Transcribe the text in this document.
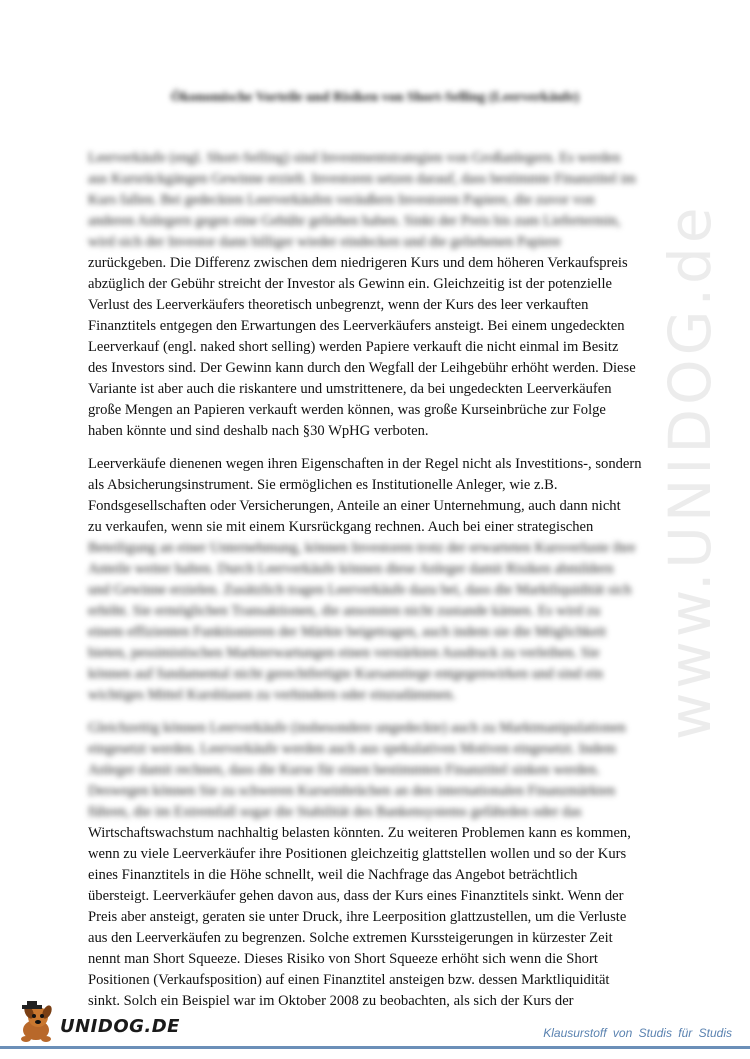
www.UNIDOG.de
Ökonomische Vorteile und Risiken von Short-Selling (Leerverkäufe)
Leerverkäufe (engl. Short-Selling) sind Investmentstrategien von Großanlegern. Es werden
aus Kursrückgängen Gewinne erzielt. Investoren setzen darauf, dass bestimmte Finanztitel im
Kurs fallen. Bei gedeckten Leerverkäufen veräußern Investoren Papiere, die zuvor von
anderen Anlegern gegen eine Gebühr geliehen haben. Sinkt der Preis bis zum Liefertermin,
wird sich der Investor dann billiger wieder eindecken und die geliehenen Papiere
zurückgeben. Die Differenz zwischen dem niedrigeren Kurs und dem höheren Verkaufspreis
abzüglich der Gebühr streicht der Investor als Gewinn ein. Gleichzeitig ist der potenzielle
Verlust des Leerverkäufers theoretisch unbegrenzt, wenn der Kurs des leer verkauften
Finanztitels entgegen den Erwartungen des Leerverkäufers ansteigt. Bei einem ungedeckten
Leerverkauf (engl. naked short selling) werden Papiere verkauft die nicht einmal im Besitz
des Investors sind. Der Gewinn kann durch den Wegfall der Leihgebühr erhöht werden. Diese
Variante ist aber auch die riskantere und umstrittenere, da bei ungedeckten Leerverkäufen
große Mengen an Papieren verkauft werden können, was große Kurseinbrüche zur Folge
haben könnte und sind deshalb nach §30 WpHG verboten.
Leerverkäufe dienenen wegen ihren Eigenschaften in der Regel nicht als Investitions-, sondern
als Absicherungsinstrument. Sie ermöglichen es Institutionelle Anleger, wie z.B.
Fondsgesellschaften oder Versicherungen, Anteile an einer Unternehmung, auch dann nicht
zu verkaufen, wenn sie mit einem Kursrückgang rechnen. Auch bei einer strategischen
Beteiligung an einer Unternehmung, können Investoren trotz der erwarteten Kursverluste ihre
Anteile weiter halten. Durch Leerverkäufe können diese Anleger damit Risiken abmildern
und Gewinne erzielen. Zusätzlich tragen Leerverkäufe dazu bei, dass die Marktliquidität sich
erhöht. Sie ermöglichen Transaktionen, die ansonsten nicht zustande kämen. Es wird zu
einem effizienten Funktionieren der Märkte beigetragen, auch indem sie die Möglichkeit
bieten, pessimistischen Markterwartungen einen verstärkten Ausdruck zu verleihen. Sie
können auf fundamental nicht gerechtfertigte Kursanstiege entgegenwirken und sind ein
wichtiges Mittel Kursblasen zu verhindern oder einzudämmen.
Gleichzeitig können Leerverkäufe (insbesondere ungedeckte) auch zu Marktmanipulationen
eingesetzt werden. Leerverkäufe werden auch aus spekulativen Motiven eingesetzt. Indem
Anleger damit rechnen, dass die Kurse für einen bestimmten Finanztitel sinken werden.
Deswegen können Sie zu schweren Kurseinbrüchen an den internationalen Finanzmärkten
führen, die im Extremfall sogar die Stabilität des Bankensystems gefährden oder das
Wirtschaftswachstum nachhaltig belasten könnten. Zu weiteren Problemen kann es kommen,
wenn zu viele Leerverkäufer ihre Positionen gleichzeitig glattstellen wollen und so der Kurs
eines Finanztitels in die Höhe schnellt, weil die Nachfrage das Angebot beträchtlich
übersteigt. Leerverkäufer gehen davon aus, dass der Kurs eines Finanztitels sinkt. Wenn der
Preis aber ansteigt, geraten sie unter Druck, ihre Leerposition glattzustellen, um die Verluste
aus den Leerverkäufen zu begrenzen. Solche extremen Kurssteigerungen in kürzester Zeit
nennt man Short Squeeze. Dieses Risiko von Short Squeeze erhöht sich wenn die Short
Positionen (Verkaufsposition) auf einen Finanztitel ansteigen bzw. dessen Marktliquidität
sinkt. Solch ein Beispiel war im Oktober 2008 zu beobachten, als sich der Kurs der
UNIDOG.DE	Klausurstoff von Studis für Studis
